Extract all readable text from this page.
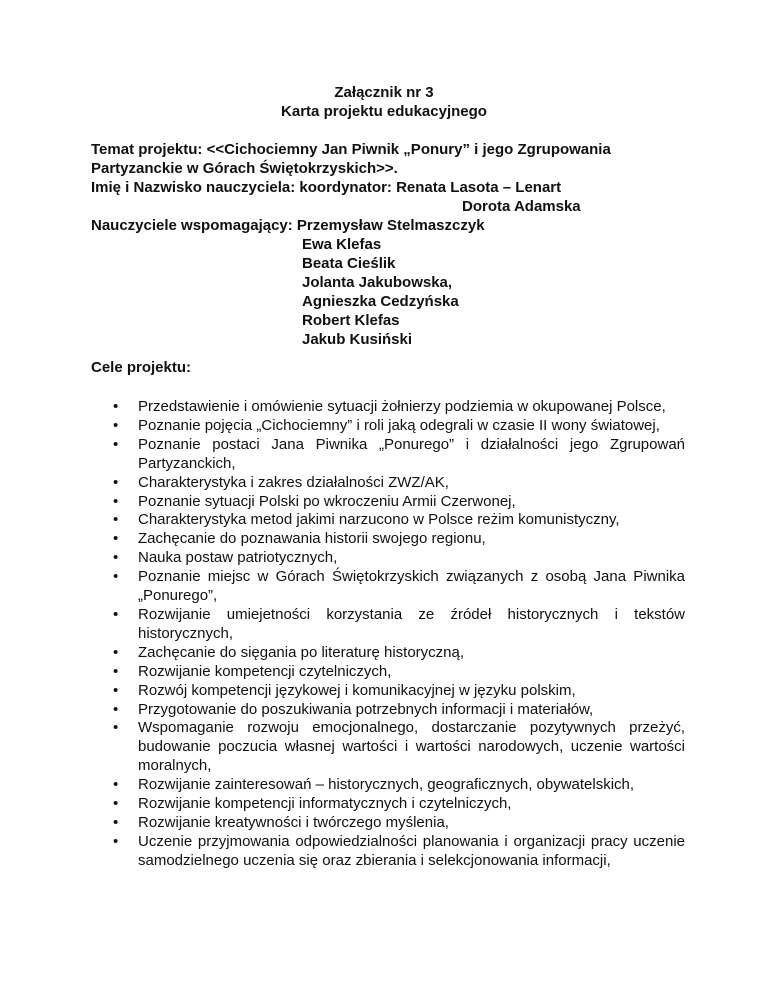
Załącznik nr 3
Karta projektu edukacyjnego
Temat projektu: <<Cichociemny Jan Piwnik „Ponury” i jego Zgrupowania
Partyzanckie w Górach Świętokrzyskich>>.
Imię i Nazwisko nauczyciela: koordynator: Renata Lasota – Lenart
Dorota Adamska
Nauczyciele wspomagający: Przemysław Stelmaszczyk
Ewa Klefas
Beata Cieślik
Jolanta Jakubowska,
Agnieszka Cedzyńska
Robert Klefas
Jakub Kusiński
Cele projektu:
• Przedstawienie i omówienie sytuacji żołnierzy podziemia w okupowanej Polsce,
• Poznanie pojęcia „Cichociemny” i roli jaką odegrali w czasie II wony światowej,
• Poznanie postaci Jana Piwnika „Ponurego” i działalności jego Zgrupowań Partyzanckich,
• Charakterystyka i zakres działalności ZWZ/AK,
• Poznanie sytuacji Polski po wkroczeniu Armii Czerwonej,
• Charakterystyka metod jakimi narzucono w Polsce reżim komunistyczny,
• Zachęcanie do poznawania historii swojego regionu,
• Nauka postaw patriotycznych,
• Poznanie miejsc w Górach Świętokrzyskich związanych z osobą Jana Piwnika „Ponurego”,
• Rozwijanie umiejetności korzystania ze źródeł historycznych i tekstów historycznych,
• Zachęcanie do sięgania po literaturę historyczną,
• Rozwijanie kompetencji czytelniczych,
• Rozwój kompetencji językowej i komunikacyjnej w języku polskim,
• Przygotowanie do poszukiwania potrzebnych informacji i materiałów,
• Wspomaganie rozwoju emocjonalnego, dostarczanie pozytywnych przeżyć, budowanie poczucia własnej wartości i wartości narodowych, uczenie wartości moralnych,
• Rozwijanie zainteresowań – historycznych, geograficznych, obywatelskich,
• Rozwijanie kompetencji informatycznych i czytelniczych,
• Rozwijanie kreatywności i twórczego myślenia,
• Uczenie przyjmowania odpowiedzialności planowania i organizacji pracy uczenie samodzielnego uczenia się oraz zbierania i selekcjonowania informacji,
